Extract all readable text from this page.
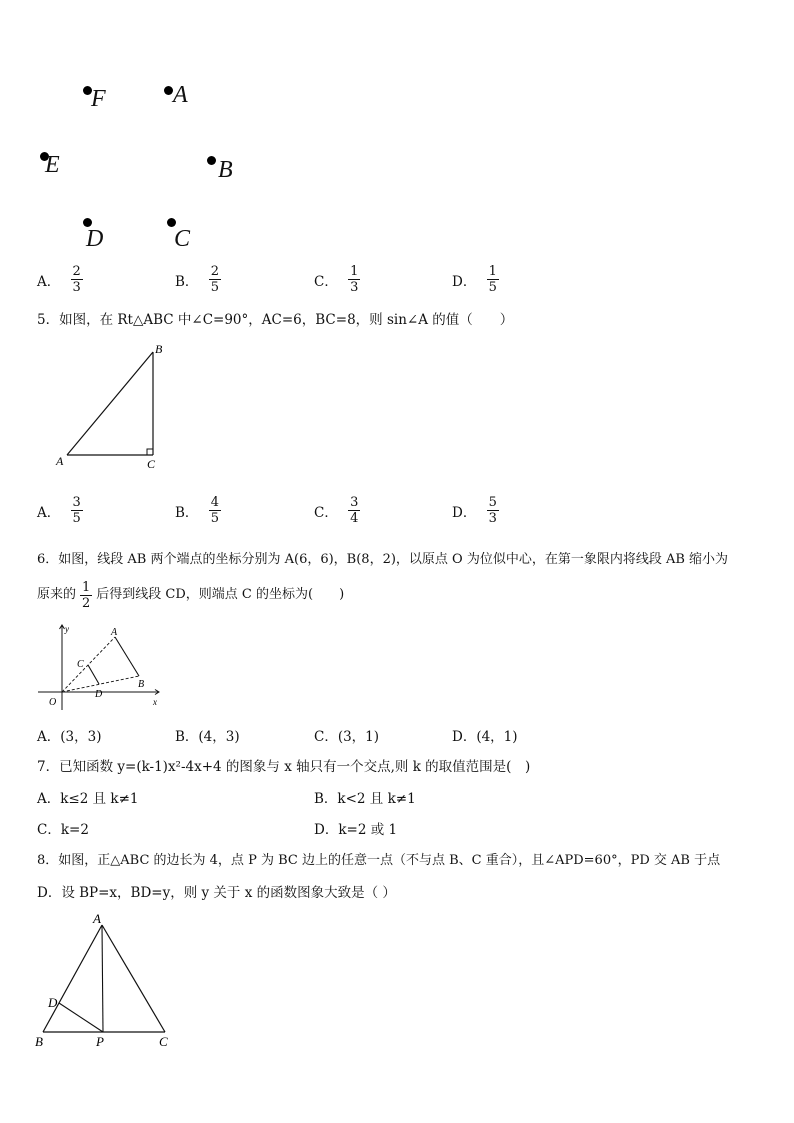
F	A
E	B
D	C
A． $\frac{2}{3}$	B． $\frac{2}{5}$	C． $\frac{1}{3}$	D． $\frac{1}{5}$
5．如图，在 Rt△ABC 中∠C=90°，AC=6，BC=8，则 sin∠A 的值（　　）
B
A	C
A． $\frac{3}{5}$	B． $\frac{4}{5}$	C． $\frac{3}{4}$	D． $\frac{5}{3}$
6．如图，线段 AB 两个端点的坐标分别为 A(6，6)，B(8，2)，以原点 O 为位似中心，在第一象限内将线段 AB 缩小为
原来的 $\frac{1}{2}$ 后得到线段 CD，则端点 C 的坐标为(　　)
y
x
O
A
B
C
D
A．(3，3)	B．(4，3)	C．(3，1)	D．(4，1)
7．已知函数 y=(k-1)x²-4x+4 的图象与 x 轴只有一个交点,则 k 的取值范围是(　)
A．k≤2 且 k≠1	B．k<2 且 k≠1
C．k=2	D．k=2 或 1
8．如图，正△ABC 的边长为 4，点 P 为 BC 边上的任意一点（不与点 B、C 重合），且∠APD=60°，PD 交 AB 于点
D．设 BP=x，BD=y，则 y 关于 x 的函数图象大致是（ ）
A
B	C
D
P
